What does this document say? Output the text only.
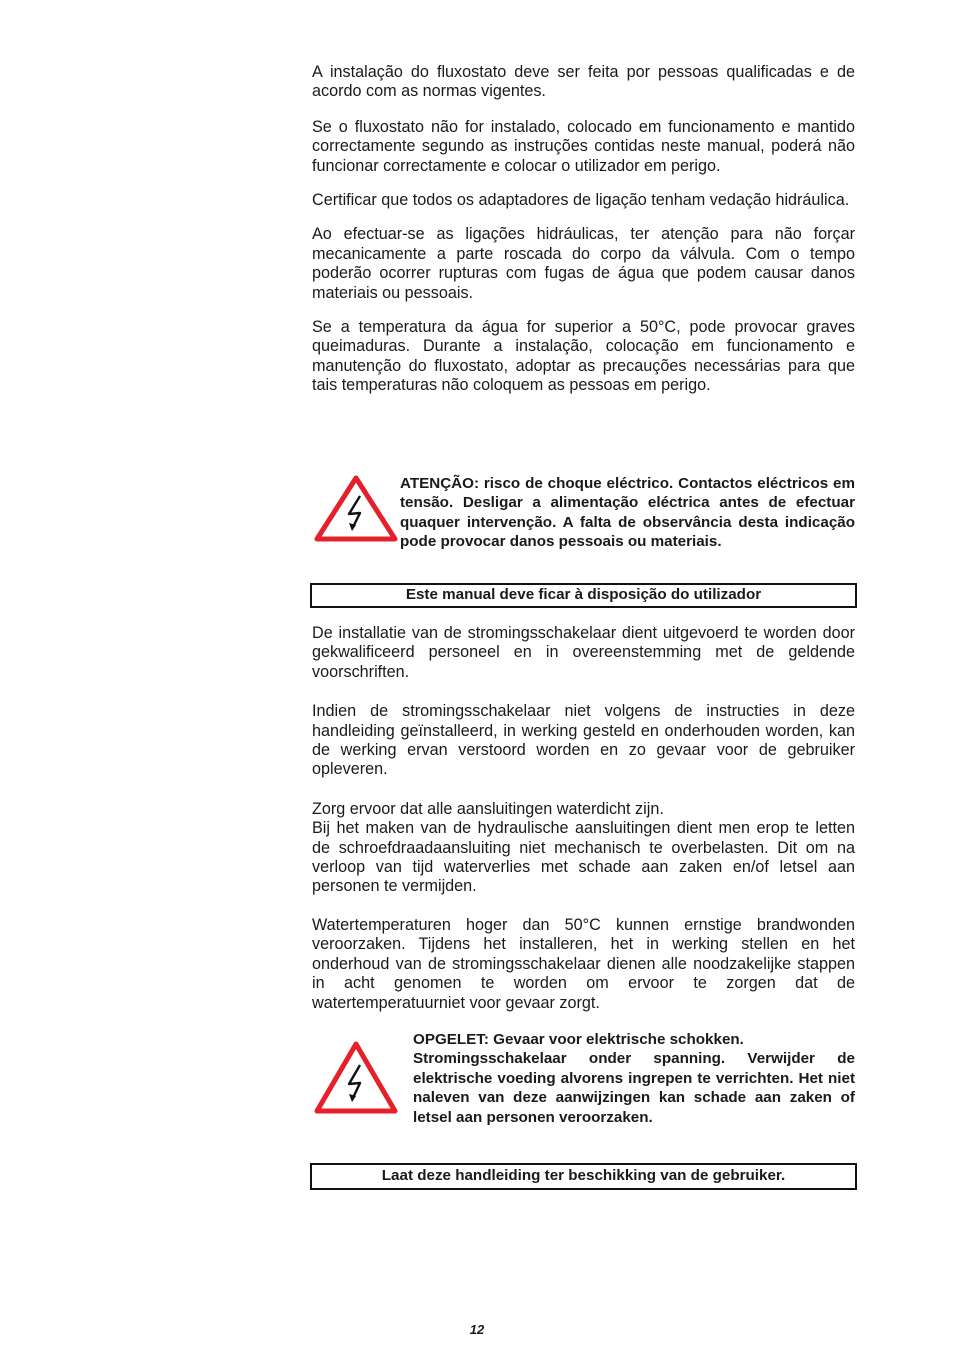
A instalação do fluxostato deve ser feita por pessoas qualificadas e de acordo com as normas vigentes.

Se o fluxostato não for instalado, colocado em funcionamento e mantido correctamente segundo as instruções contidas neste manual, poderá não funcionar correctamente e colocar o utilizador em perigo.

Certificar que todos os adaptadores de ligação tenham vedação hidráulica.

Ao efectuar-se as ligações hidráulicas, ter atenção para não forçar mecanicamente a parte roscada do corpo da válvula. Com o tempo poderão ocorrer rupturas com fugas de água que podem causar danos materiais ou pessoais.

Se a temperatura da água for superior a 50°C, pode provocar graves queimaduras. Durante a instalação, colocação em funcionamento e manutenção do fluxostato, adoptar as precauções necessárias para que tais temperaturas não coloquem as pessoas em perigo.

ATENÇÃO: risco de choque eléctrico. Contactos eléctricos em tensão. Desligar a alimentação eléctrica antes de efectuar quaquer intervenção. A falta de observância desta indicação pode provocar danos pessoais ou materiais.

Este manual deve ficar à disposição do utilizador

De installatie van de stromingsschakelaar dient uitgevoerd te worden door gekwalificeerd personeel en in overeenstemming met de geldende voorschriften.

Indien de stromingsschakelaar niet volgens de instructies in deze handleiding geïnstalleerd, in werking gesteld en onderhouden worden, kan de werking ervan verstoord worden en zo gevaar voor de gebruiker opleveren.

Zorg ervoor dat alle aansluitingen waterdicht zijn.

Bij het maken van de hydraulische aansluitingen dient men erop te letten de schroefdraadaansluiting niet mechanisch te overbelasten. Dit om na verloop van tijd waterverlies met schade aan zaken en/of letsel aan personen te vermijden.

Watertemperaturen hoger dan 50°C kunnen ernstige brandwonden veroorzaken. Tijdens het installeren, het in werking stellen en het onderhoud van de stromingsschakelaar dienen alle noodzakelijke stappen in acht genomen te worden om ervoor te zorgen dat de watertemperatuurniet voor gevaar zorgt.

OPGELET: Gevaar voor elektrische schokken.

Stromingsschakelaar onder spanning. Verwijder de elektrische voeding alvorens ingrepen te verrichten. Het niet naleven van deze aanwijzingen kan schade aan zaken of letsel aan personen veroorzaken.

Laat deze handleiding ter beschikking van de gebruiker.
12
